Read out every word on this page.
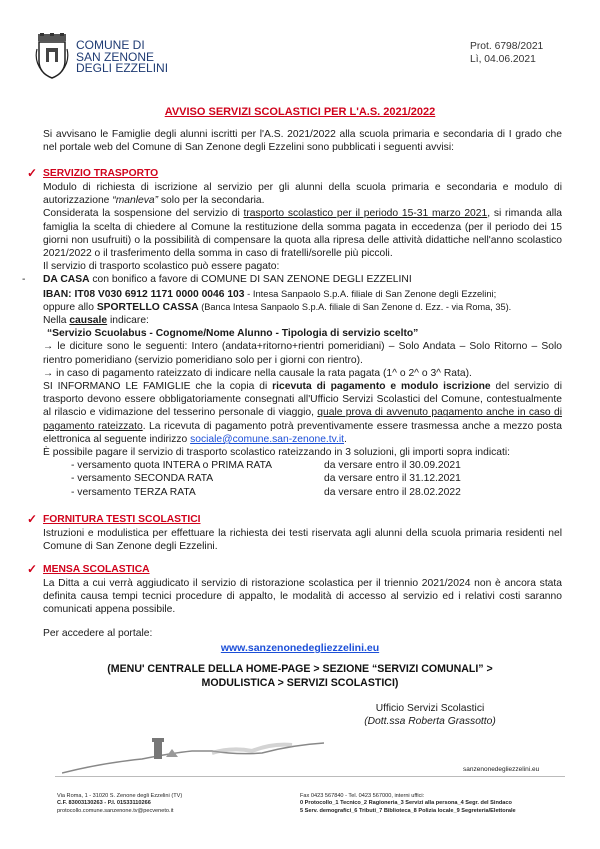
COMUNE DI
SAN ZENONE
DEGLI EZZELINI
Prot. 6798/2021
Lì, 04.06.2021
AVVISO SERVIZI SCOLASTICI PER L'A.S. 2021/2022
Si avvisano le Famiglie degli alunni iscritti per l'A.S. 2021/2022 alla scuola primaria e secondaria di I grado che nel portale web del Comune di San Zenone degli Ezzelini sono pubblicati i seguenti avvisi:
✓ SERVIZIO TRASPORTO
Modulo di richiesta di iscrizione al servizio per gli alunni della scuola primaria e secondaria e modulo di autorizzazione “manleva” solo per la secondaria.
Considerata la sospensione del servizio di trasporto scolastico per il periodo 15-31 marzo 2021, si rimanda alla famiglia la scelta di chiedere al Comune la restituzione della somma pagata in eccedenza (per il periodo dei 15 giorni non usufruiti) o la possibilità di compensare la quota alla ripresa delle attività didattiche nell'anno scolastico 2021/2022 o il trasferimento della somma in caso di fratelli/sorelle più piccoli.
Il servizio di trasporto scolastico può essere pagato:
- DA CASA con bonifico a favore di COMUNE DI SAN ZENONE DEGLI EZZELINI
IBAN: IT08 V030 6912 1171 0000 0046 103 - Intesa Sanpaolo S.p.A. filiale di San Zenone degli Ezzelini;
oppure allo SPORTELLO CASSA (Banca Intesa Sanpaolo S.p.A. filiale di San Zenone d. Ezz. - via Roma, 35).
Nella causale indicare:
“Servizio Scuolabus - Cognome/Nome Alunno - Tipologia di servizio scelto”
→ le diciture sono le seguenti: Intero (andata+ritorno+rientri pomeridiani) – Solo Andata – Solo Ritorno – Solo rientro pomeridiano (servizio pomeridiano solo per i giorni con rientro).
→ in caso di pagamento rateizzato di indicare nella causale la rata pagata (1^ o 2^ o 3^ Rata).
SI INFORMANO LE FAMIGLIE che la copia di ricevuta di pagamento e modulo iscrizione del servizio di trasporto devono essere obbligatoriamente consegnati all'Ufficio Servizi Scolastici del Comune, contestualmente al rilascio e vidimazione del tesserino personale di viaggio, quale prova di avvenuto pagamento anche in caso di pagamento rateizzato. La ricevuta di pagamento potrà preventivamente essere trasmessa anche a mezzo posta elettronica al seguente indirizzo sociale@comune.san-zenone.tv.it.
È possibile pagare il servizio di trasporto scolastico rateizzando in 3 soluzioni, gli importi sopra indicati:
- versamento quota INTERA o PRIMA RATA	da versare entro il 30.09.2021
- versamento SECONDA RATA	da versare entro il 31.12.2021
- versamento TERZA RATA	da versare entro il 28.02.2022
✓ FORNITURA TESTI SCOLASTICI
Istruzioni e modulistica per effettuare la richiesta dei testi riservata agli alunni della scuola primaria residenti nel Comune di San Zenone degli Ezzelini.
✓ MENSA SCOLASTICA
La Ditta a cui verrà aggiudicato il servizio di ristorazione scolastica per il triennio 2021/2024 non è ancora stata definita causa tempi tecnici procedure di appalto, le modalità di accesso al servizio ed i relativi costi saranno comunicati appena possibile.
Per accedere al portale:
www.sanzenonedegliezzelini.eu
(MENU' CENTRALE DELLA HOME-PAGE > SEZIONE “SERVIZI COMUNALI” > MODULISTICA > SERVIZI SCOLASTICI)
Ufficio Servizi Scolastici
(Dott.ssa Roberta Grassotto)
sanzenonedegliezzelini.eu
Via Roma, 1 - 31020 S. Zenone degli Ezzelini (TV)
C.F. 83003130263 - P.I. 01533110266
protocollo.comune.sanzenone.tv@pecveneto.it
Fax 0423 567840 - Tel. 0423 567000, interni uffici:
0 Protocollo_1 Tecnico_2 Ragioneria_3 Servizi alla persona_4 Segr. del Sindaco
5 Serv. demografici_6 Tributi_7 Biblioteca_8 Polizia locale_9 Segreteria/Elettorale
